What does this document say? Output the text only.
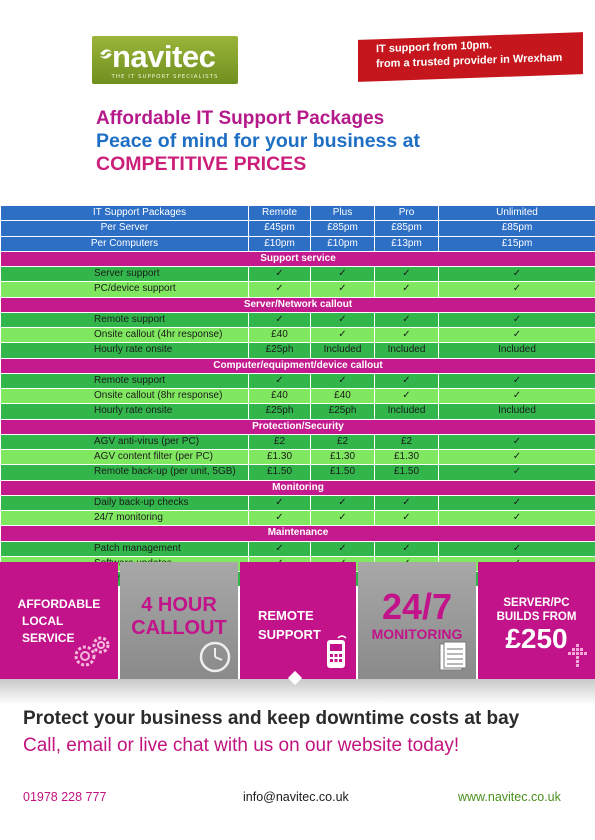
navitec
THE IT SUPPORT SPECIALISTS
IT support from 10pm.
from a trusted provider in Wrexham
Affordable IT Support Packages
Peace of mind for your business at
COMPETITIVE PRICES
IT Support Packages	Remote	Plus	Pro	Unlimited
Per Server	£45pm	£85pm	£85pm	£85pm
Per Computers	£10pm	£10pm	£13pm	£15pm
Support service				
Server support	✓	✓	✓	✓
PC/device support	✓	✓	✓	✓
Server/Network callout				
Remote support	✓	✓	✓	✓
Onsite callout (4hr response)	£40	✓	✓	✓
Hourly rate onsite	£25ph	Included	Included	Included
Computer/equipment/device callout				
Remote support	✓	✓	✓	✓
Onsite callout (8hr response)	£40	£40	✓	✓
Hourly rate onsite	£25ph	£25ph	Included	Included
Protection/Security				
AGV anti-virus (per PC)	£2	£2	£2	✓
AGV content filter (per PC)	£1.30	£1.30	£1.30	✓
Remote back-up (per unit, 5GB)	£1.50	£1.50	£1.50	✓
Monitoring				
Daily back-up checks	✓	✓	✓	✓
24/7 monitoring	✓	✓	✓	✓
Maintenance				
Patch management	✓	✓	✓	✓

AFFORDABLE
LOCAL
SERVICE
4 HOUR
CALLOUT
REMOTE
SUPPORT
24/7
MONITORING
SERVER/PC
BUILDS FROM
£250

Protect your business and keep downtime costs at bay

Call, email or live chat with us on our website today!

01978 228 777	info@navitec.co.uk	www.navitec.co.uk
